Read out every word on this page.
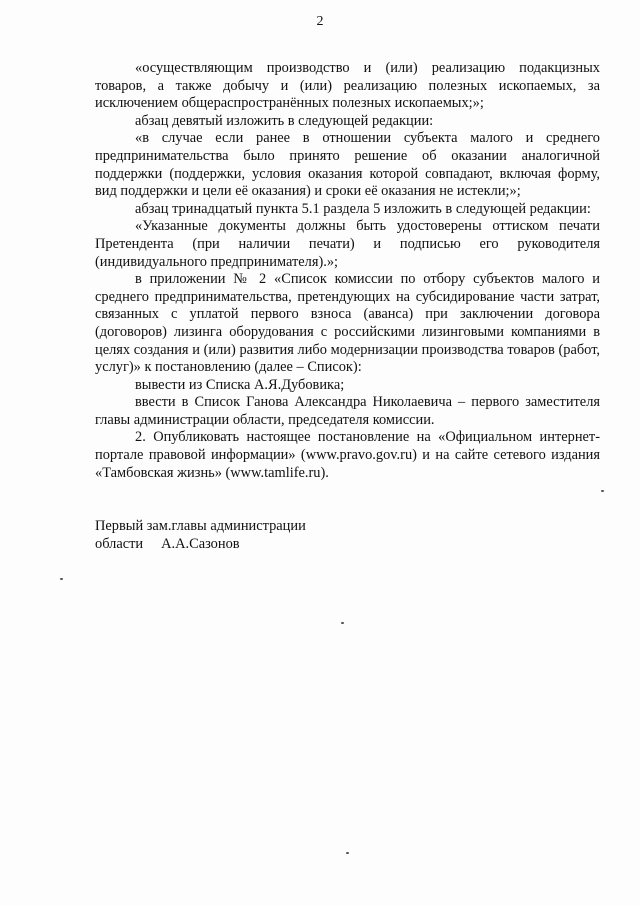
2

«осуществляющим производство и (или) реализацию подакцизных товаров, а также добычу и (или) реализацию полезных ископаемых, за исключением общераспространённых полезных ископаемых;»;

абзац девятый изложить в следующей редакции:

«в случае если ранее в отношении субъекта малого и среднего предпринимательства было принято решение об оказании аналогичной поддержки (поддержки, условия оказания которой совпадают, включая форму, вид поддержки и цели её оказания) и сроки её оказания не истекли;»;

абзац тринадцатый пункта 5.1 раздела 5 изложить в следующей редакции:

«Указанные документы должны быть удостоверены оттиском печати Претендента (при наличии печати) и подписью его руководителя (индивидуального предпринимателя).»;

в приложении № 2 «Список комиссии по отбору субъектов малого и среднего предпринимательства, претендующих на субсидирование части затрат, связанных с уплатой первого взноса (аванса) при заключении договора (договоров) лизинга оборудования с российскими лизинговыми компаниями в целях создания и (или) развития либо модернизации производства товаров (работ, услуг)» к постановлению (далее – Список):

вывести из Списка А.Я.Дубовика;

ввести в Список Ганова Александра Николаевича – первого заместителя главы администрации области, председателя комиссии.

2. Опубликовать настоящее постановление на «Официальном интернет-портале правовой информации» (www.pravo.gov.ru) и на сайте сетевого издания «Тамбовская жизнь» (www.tamlife.ru).

Первый зам.главы администрации
области А.А.Сазонов
